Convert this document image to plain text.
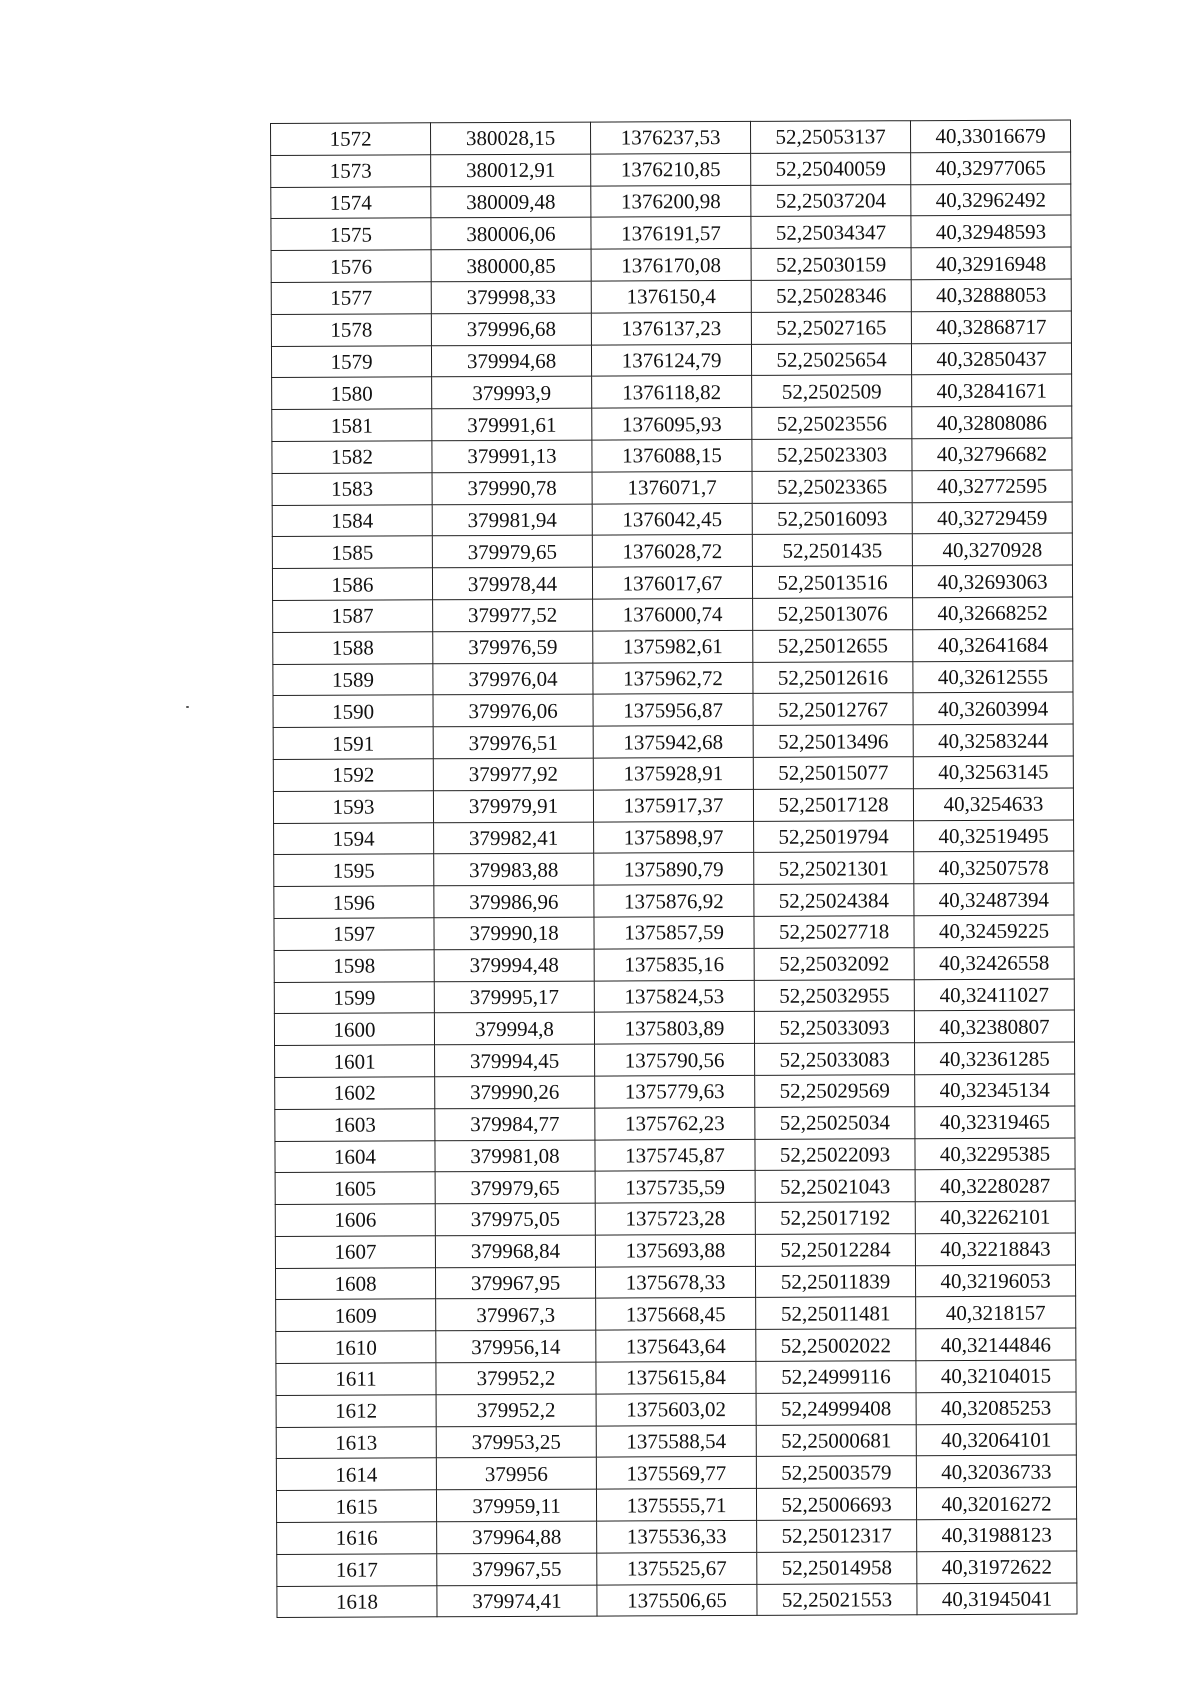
1572	380028,15	1376237,53	52,25053137	40,33016679
1573	380012,91	1376210,85	52,25040059	40,32977065
1574	380009,48	1376200,98	52,25037204	40,32962492
1575	380006,06	1376191,57	52,25034347	40,32948593
1576	380000,85	1376170,08	52,25030159	40,32916948
1577	379998,33	1376150,4	52,25028346	40,32888053
1578	379996,68	1376137,23	52,25027165	40,32868717
1579	379994,68	1376124,79	52,25025654	40,32850437
1580	379993,9	1376118,82	52,2502509	40,32841671
1581	379991,61	1376095,93	52,25023556	40,32808086
1582	379991,13	1376088,15	52,25023303	40,32796682
1583	379990,78	1376071,7	52,25023365	40,32772595
1584	379981,94	1376042,45	52,25016093	40,32729459
1585	379979,65	1376028,72	52,2501435	40,3270928
1586	379978,44	1376017,67	52,25013516	40,32693063
1587	379977,52	1376000,74	52,25013076	40,32668252
1588	379976,59	1375982,61	52,25012655	40,32641684
1589	379976,04	1375962,72	52,25012616	40,32612555
1590	379976,06	1375956,87	52,25012767	40,32603994
1591	379976,51	1375942,68	52,25013496	40,32583244
1592	379977,92	1375928,91	52,25015077	40,32563145
1593	379979,91	1375917,37	52,25017128	40,3254633
1594	379982,41	1375898,97	52,25019794	40,32519495
1595	379983,88	1375890,79	52,25021301	40,32507578
1596	379986,96	1375876,92	52,25024384	40,32487394
1597	379990,18	1375857,59	52,25027718	40,32459225
1598	379994,48	1375835,16	52,25032092	40,32426558
1599	379995,17	1375824,53	52,25032955	40,32411027
1600	379994,8	1375803,89	52,25033093	40,32380807
1601	379994,45	1375790,56	52,25033083	40,32361285
1602	379990,26	1375779,63	52,25029569	40,32345134
1603	379984,77	1375762,23	52,25025034	40,32319465
1604	379981,08	1375745,87	52,25022093	40,32295385
1605	379979,65	1375735,59	52,25021043	40,32280287
1606	379975,05	1375723,28	52,25017192	40,32262101
1607	379968,84	1375693,88	52,25012284	40,32218843
1608	379967,95	1375678,33	52,25011839	40,32196053
1609	379967,3	1375668,45	52,25011481	40,3218157
1610	379956,14	1375643,64	52,25002022	40,32144846
1611	379952,2	1375615,84	52,24999116	40,32104015
1612	379952,2	1375603,02	52,24999408	40,32085253
1613	379953,25	1375588,54	52,25000681	40,32064101
1614	379956	1375569,77	52,25003579	40,32036733
1615	379959,11	1375555,71	52,25006693	40,32016272
1616	379964,88	1375536,33	52,25012317	40,31988123
1617	379967,55	1375525,67	52,25014958	40,31972622
1618	379974,41	1375506,65	52,25021553	40,31945041
